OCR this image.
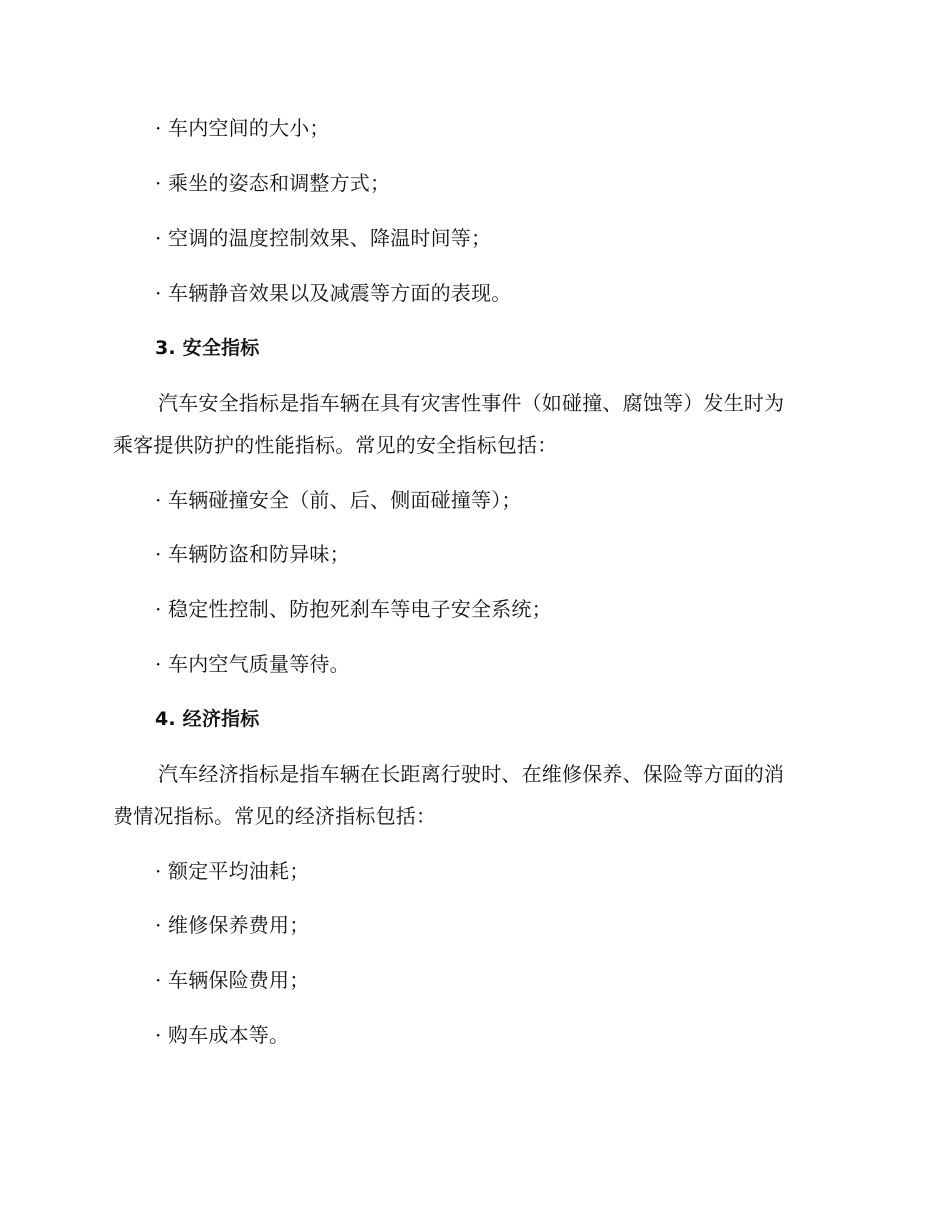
· 车内空间的大小；
· 乘坐的姿态和调整方式；
· 空调的温度控制效果、降温时间等；
· 车辆静音效果以及减震等方面的表现。
3. 安全指标
汽车安全指标是指车辆在具有灾害性事件（如碰撞、腐蚀等）发生时为
乘客提供防护的性能指标。常见的安全指标包括：
· 车辆碰撞安全（前、后、侧面碰撞等）；
· 车辆防盗和防异味；
· 稳定性控制、防抱死刹车等电子安全系统；
· 车内空气质量等待。
4. 经济指标
汽车经济指标是指车辆在长距离行驶时、在维修保养、保险等方面的消
费情况指标。常见的经济指标包括：
· 额定平均油耗；
· 维修保养费用；
· 车辆保险费用；
· 购车成本等。
